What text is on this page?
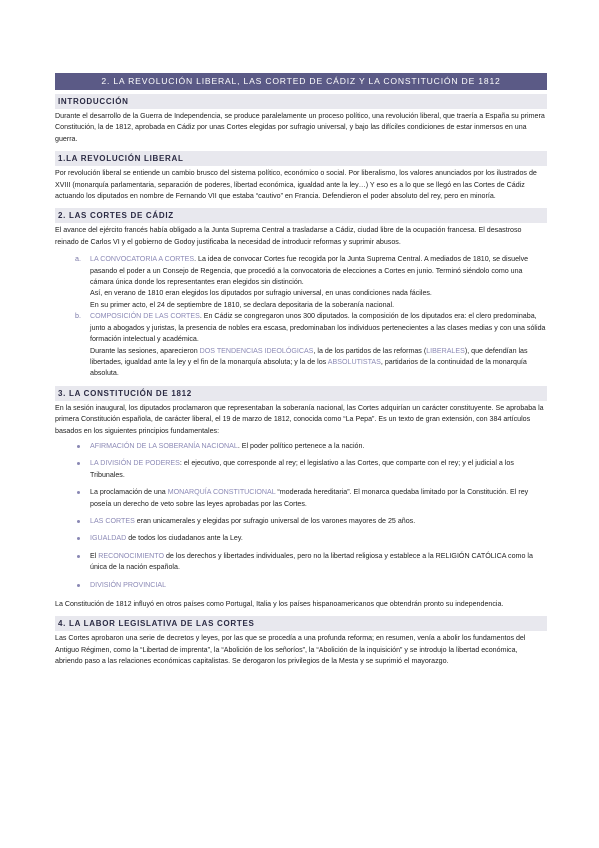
2. LA REVOLUCIÓN LIBERAL, LAS CORTED DE CÁDIZ Y LA CONSTITUCIÓN DE 1812
INTRODUCCIÓN

Durante el desarrollo de la Guerra de Independencia, se produce paralelamente un proceso político, una revolución liberal, que traería a España su primera Constitución, la de 1812, aprobada en Cádiz por unas Cortes elegidas por sufragio universal, y bajo las difíciles condiciones de estar inmersos en una guerra.

1.LA REVOLUCIÓN LIBERAL

Por revolución liberal se entiende un cambio brusco del sistema político, económico o social. Por liberalismo, los valores anunciados por los ilustrados de XVIII (monarquía parlamentaria, separación de poderes, libertad económica, igualdad ante la ley…) Y eso es a lo que se llegó en las Cortes de Cádiz actuando los diputados en nombre de Fernando VII que estaba “cautivo” en Francia. Defendieron el poder absoluto del rey, pero en minoría.

2. LAS CORTES DE CÁDIZ

El avance del ejército francés había obligado a la Junta Suprema Central a trasladarse a Cádiz, ciudad libre de la ocupación francesa. El desastroso reinado de Carlos VI y el gobierno de Godoy justificaba la necesidad de introducir reformas y suprimir abusos.

a. LA CONVOCATORIA A CORTES. La idea de convocar Cortes fue recogida por la Junta Suprema Central. A mediados de 1810, se disuelve pasando el poder a un Consejo de Regencia, que procedió a la convocatoria de elecciones a Cortes en junio. Terminó siéndolo como una cámara única donde los representantes eran elegidos sin distinción.
Así, en verano de 1810 eran elegidos los diputados por sufragio universal, en unas condiciones nada fáciles.
En su primer acto, el 24 de septiembre de 1810, se declara depositaria de la soberanía nacional.
b. COMPOSICIÓN DE LAS CORTES. En Cádiz se congregaron unos 300 diputados. la composición de los diputados era: el clero predominaba, junto a abogados y juristas, la presencia de nobles era escasa, predominaban los individuos pertenecientes a las clases medias y con una sólida formación intelectual y académica.
Durante las sesiones, aparecieron DOS TENDENCIAS IDEOLÓGICAS, la de los partidos de las reformas (LIBERALES), que defendían las libertades, igualdad ante la ley y el fin de la monarquía absoluta; y la de los ABSOLUTISTAS, partidarios de la continuidad de la monarquía absoluta.
3. LA CONSTITUCIÓN DE 1812

En la sesión inaugural, los diputados proclamaron que representaban la soberanía nacional, las Cortes adquirían un carácter constituyente. Se aprobaba la primera Constitución española, de carácter liberal, el 19 de marzo de 1812, conocida como “La Pepa”. Es un texto de gran extensión, con 384 artículos basados en los siguientes principios fundamentales:

AFIRMACIÓN DE LA SOBERANÍA NACIONAL. El poder político pertenece a la nación.
LA DIVISIÓN DE PODERES: el ejecutivo, que corresponde al rey; el legislativo a las Cortes, que comparte con el rey; y el judicial a los Tribunales.
La proclamación de una MONARQUÍA CONSTITUCIONAL “moderada hereditaria”. El monarca quedaba limitado por la Constitución. El rey poseía un derecho de veto sobre las leyes aprobadas por las Cortes.
LAS CORTES eran unicamerales y elegidas por sufragio universal de los varones mayores de 25 años.
IGUALDAD de todos los ciudadanos ante la Ley.
El RECONOCIMIENTO de los derechos y libertades individuales, pero no la libertad religiosa y establece a la RELIGIÓN CATÓLICA como la única de la nación española.
DIVISIÓN PROVINCIAL

La Constitución de 1812 influyó en otros países como Portugal, Italia y los países hispanoamericanos que obtendrán pronto su independencia.

4. LA LABOR LEGISLATIVA DE LAS CORTES

Las Cortes aprobaron una serie de decretos y leyes, por las que se procedía a una profunda reforma; en resumen, venía a abolir los fundamentos del Antiguo Régimen, como la “Libertad de imprenta”, la “Abolición de los señoríos”, la “Abolición de la inquisición” y se introdujo la libertad económica, abriendo paso a las relaciones económicas capitalistas. Se derogaron los privilegios de la Mesta y se suprimió el mayorazgo.
